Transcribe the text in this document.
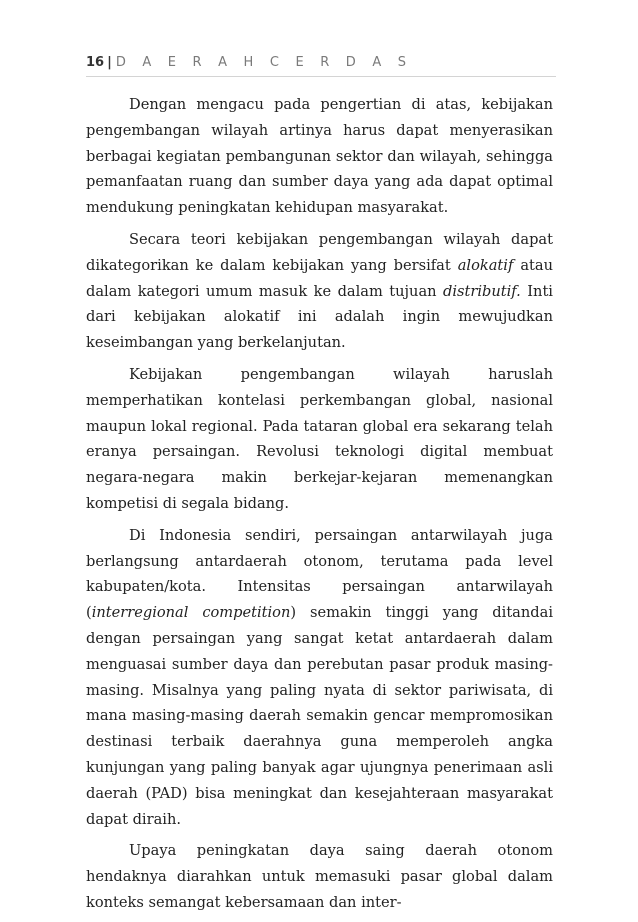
16 | D A E R A H C E R D A S

Dengan mengacu pada pengertian di atas, kebijakan pengembangan wilayah artinya harus dapat menyerasikan berbagai kegiatan pembangunan sektor dan wilayah, sehingga pemanfaatan ruang dan sumber daya yang ada dapat optimal mendukung peningkatan kehidupan masyarakat.

Secara teori kebijakan pengembangan wilayah dapat dikategorikan ke dalam kebijakan yang bersifat alokatif atau dalam kategori umum masuk ke dalam tujuan distributif. Inti dari kebijakan alokatif ini adalah ingin mewujudkan keseimbangan yang berkelanjutan.

Kebijakan pengembangan wilayah haruslah memperhatikan kontelasi perkembangan global, nasional maupun lokal regional. Pada tataran global era sekarang telah eranya persaingan. Revolusi teknologi digital membuat negara-negara makin berkejar-kejaran memenangkan kompetisi di segala bidang.

Di Indonesia sendiri, persaingan antarwilayah juga berlangsung antardaerah otonom, terutama pada level kabupaten/kota. Intensitas persaingan antarwilayah (interregional competition) semakin tinggi yang ditandai dengan persaingan yang sangat ketat antardaerah dalam menguasai sumber daya dan perebutan pasar produk masing-masing. Misalnya yang paling nyata di sektor pariwisata, di mana masing-masing daerah semakin gencar mempromosikan destinasi terbaik daerahnya guna memperoleh angka kunjungan yang paling banyak agar ujungnya penerimaan asli daerah (PAD) bisa meningkat dan kesejahteraan masyarakat dapat diraih.

Upaya peningkatan daya saing daerah otonom hendaknya diarahkan untuk memasuki pasar global dalam konteks semangat kebersamaan dan inter-
